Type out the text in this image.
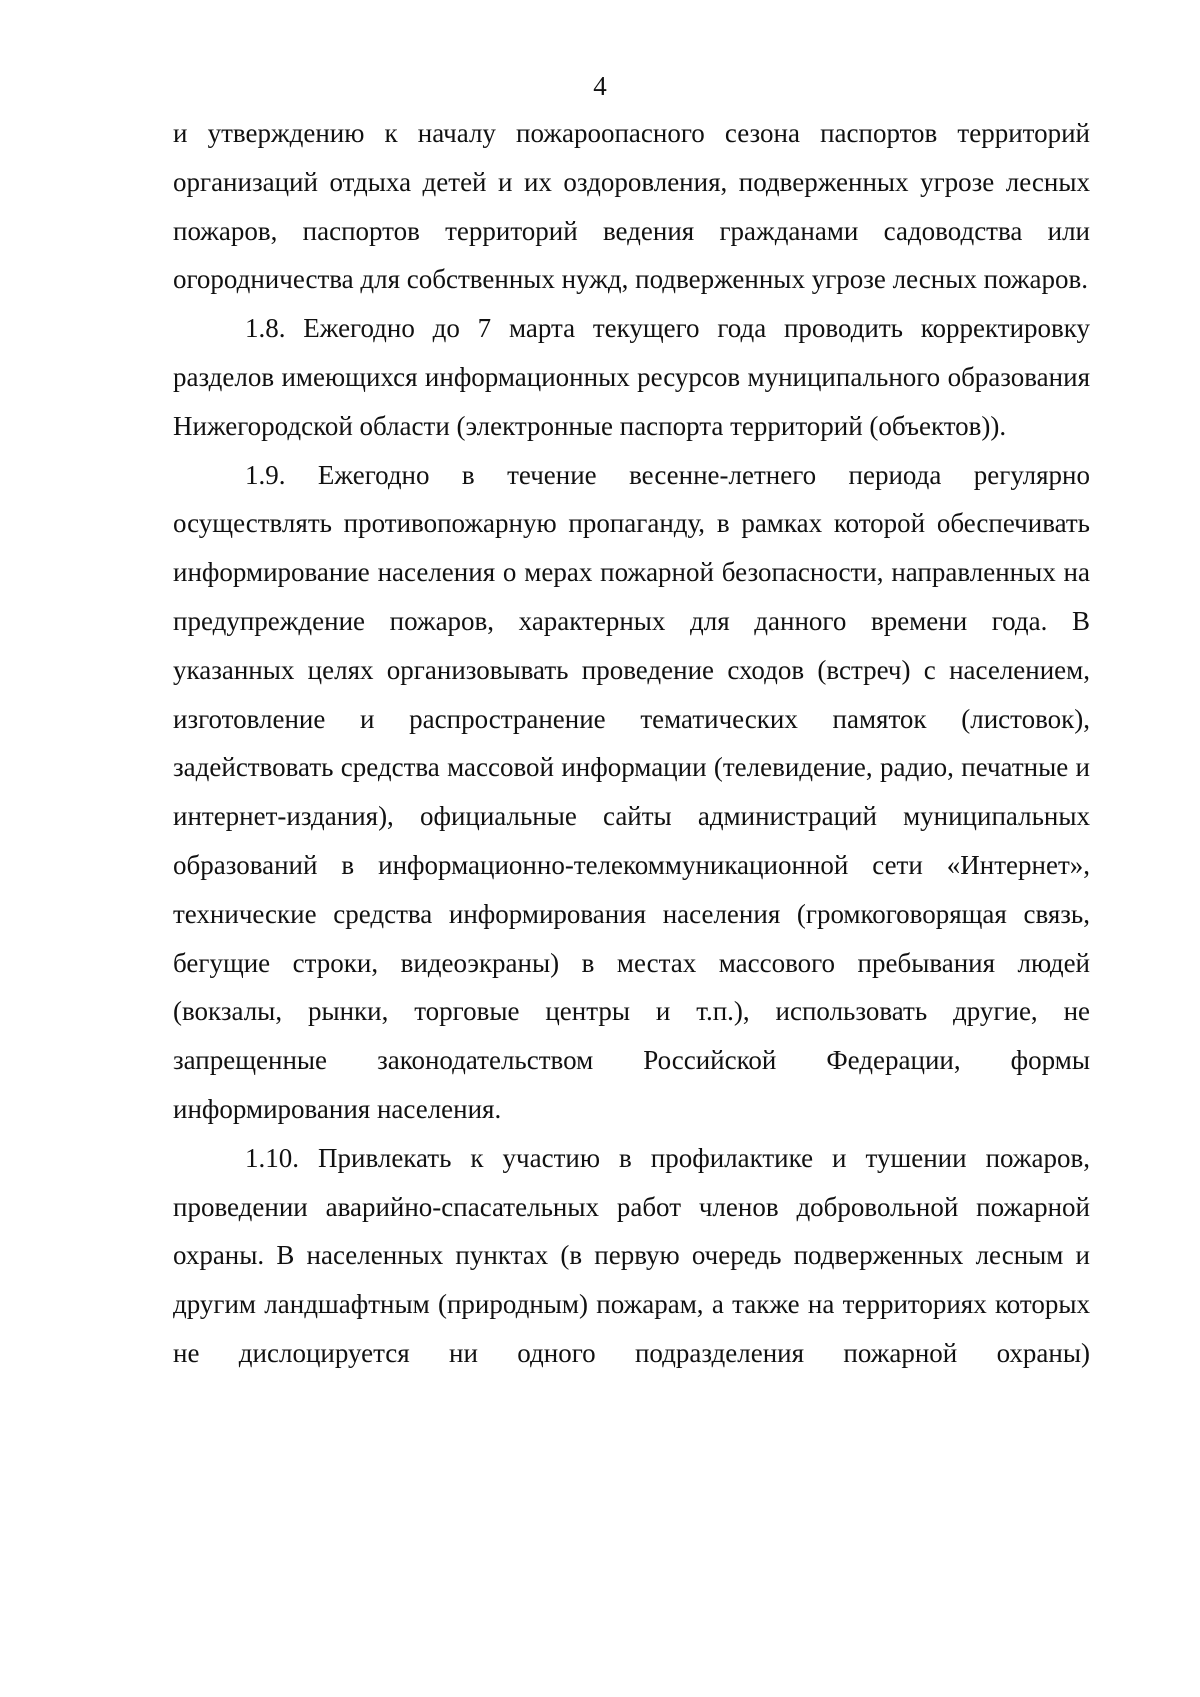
4

и утверждению к началу пожароопасного сезона паспортов территорий организаций отдыха детей и их оздоровления, подверженных угрозе лесных пожаров, паспортов территорий ведения гражданами садоводства или огородничества для собственных нужд, подверженных угрозе лесных пожаров.

1.8. Ежегодно до 7 марта текущего года проводить корректировку разделов имеющихся информационных ресурсов муниципального образования Нижегородской области (электронные паспорта территорий (объектов)).

1.9. Ежегодно в течение весенне-летнего периода регулярно осуществлять противопожарную пропаганду, в рамках которой обеспечивать информирование населения о мерах пожарной безопасности, направленных на предупреждение пожаров, характерных для данного времени года. В указанных целях организовывать проведение сходов (встреч) с населением, изготовление и распространение тематических памяток (листовок), задействовать средства массовой информации (телевидение, радио, печатные и интернет-издания), официальные сайты администраций муниципальных образований в информационно-телекоммуникационной сети «Интернет», технические средства информирования населения (громкоговорящая связь, бегущие строки, видеоэкраны) в местах массового пребывания людей (вокзалы, рынки, торговые центры и т.п.), использовать другие, не запрещенные законодательством Российской Федерации, формы информирования населения.

1.10. Привлекать к участию в профилактике и тушении пожаров, проведении аварийно-спасательных работ членов добровольной пожарной охраны. В населенных пунктах (в первую очередь подверженных лесным и другим ландшафтным (природным) пожарам, а также на территориях которых не дислоцируется ни одного подразделения пожарной охраны)
